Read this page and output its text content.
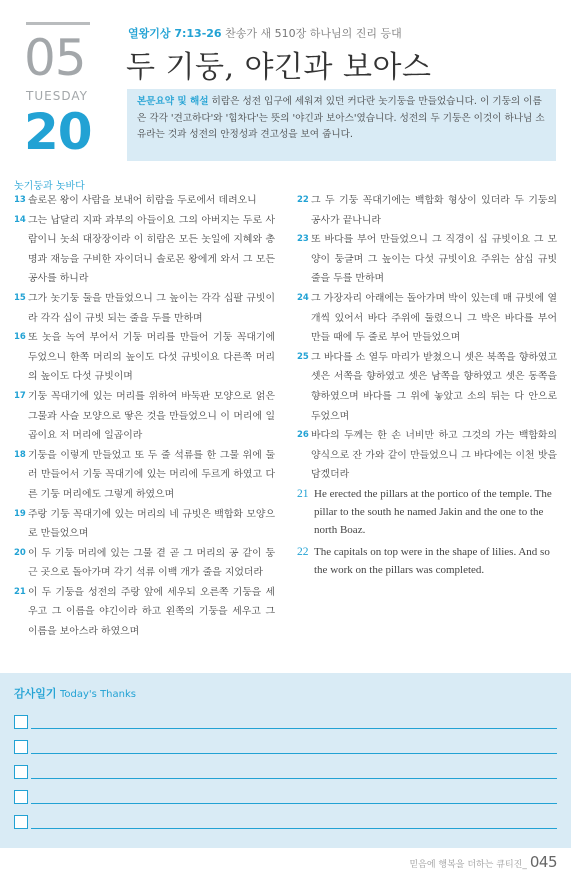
05
TUESDAY
20
열왕기상 7:13-26 찬송가 새 510장 하나님의 진리 등대
두 기둥, 야긴과 보아스
본문요약 및 해설 히람은 성전 입구에 세워져 있던 커다란 놋기둥을 만들었습니다. 이 기둥의 이름은 각각 '견고하다'와 '힘차다'는 뜻의 '야긴과 보아스'였습니다. 성전의 두 기둥은 이것이 하나님 소유라는 것과 성전의 안정성과 견고성을 보여 줍니다.
놋기둥과 놋바다
13 솔로몬 왕이 사람을 보내어 히람을 두로에서 데려오니
14 그는 납달리 지파 과부의 아들이요 그의 아버지는 두로 사람이니 놋쇠 대장장이라 이 히람은 모든 놋일에 지혜와 총명과 재능을 구비한 자이더니 솔로몬 왕에게 와서 그 모든 공사를 하니라
15 그가 놋기둥 둘을 만들었으니 그 높이는 각각 십팔 규빗이라 각각 십이 규빗 되는 줄을 두를 만하며
16 또 놋을 녹여 부어서 기둥 머리를 만들어 기둥 꼭대기에 두었으니 한쪽 머리의 높이도 다섯 규빗이요 다른쪽 머리의 높이도 다섯 규빗이며
17 기둥 꼭대기에 있는 머리를 위하여 바둑판 모양으로 얽은 그물과 사슬 모양으로 땋은 것을 만들었으니 이 머리에 일곱이요 저 머리에 일곱이라
18 기둥을 이렇게 만들었고 또 두 줄 석류를 한 그물 위에 둘러 만들어서 기둥 꼭대기에 있는 머리에 두르게 하였고 다른 기둥 머리에도 그렇게 하였으며
19 주랑 기둥 꼭대기에 있는 머리의 네 규빗은 백합화 모양으로 만들었으며
20 이 두 기둥 머리에 있는 그물 곁 곧 그 머리의 공 같이 둥근 곳으로 돌아가며 각기 석류 이백 개가 줄을 지었더라
21 이 두 기둥을 성전의 주랑 앞에 세우되 오른쪽 기둥을 세우고 그 이름을 야긴이라 하고 왼쪽의 기둥을 세우고 그 이름을 보아스라 하였으며
22 그 두 기둥 꼭대기에는 백합화 형상이 있더라 두 기둥의 공사가 끝나니라
23 또 바다를 부어 만들었으니 그 직경이 십 규빗이요 그 모양이 둥글며 그 높이는 다섯 규빗이요 주위는 삼십 규빗 줄을 두를 만하며
24 그 가장자리 아래에는 돌아가며 박이 있는데 매 규빗에 열 개씩 있어서 바다 주위에 둘렸으니 그 박은 바다를 부어 만들 때에 두 줄로 부어 만들었으며
25 그 바다를 소 열두 마리가 받쳤으니 셋은 북쪽을 향하였고 셋은 서쪽을 향하였고 셋은 남쪽을 향하였고 셋은 동쪽을 향하였으며 바다를 그 위에 놓았고 소의 뒤는 다 안으로 두었으며
26 바다의 두께는 한 손 너비만 하고 그것의 가는 백합화의 양식으로 잔 가와 같이 만들었으니 그 바다에는 이천 밧을 담겠더라
21 He erected the pillars at the portico of the temple. The pillar to the south he named Jakin and the one to the north Boaz.
22 The capitals on top were in the shape of lilies. And so the work on the pillars was completed.
감사일기 Today's Thanks
믿음에 행복을 더하는 큐티진_ 045
